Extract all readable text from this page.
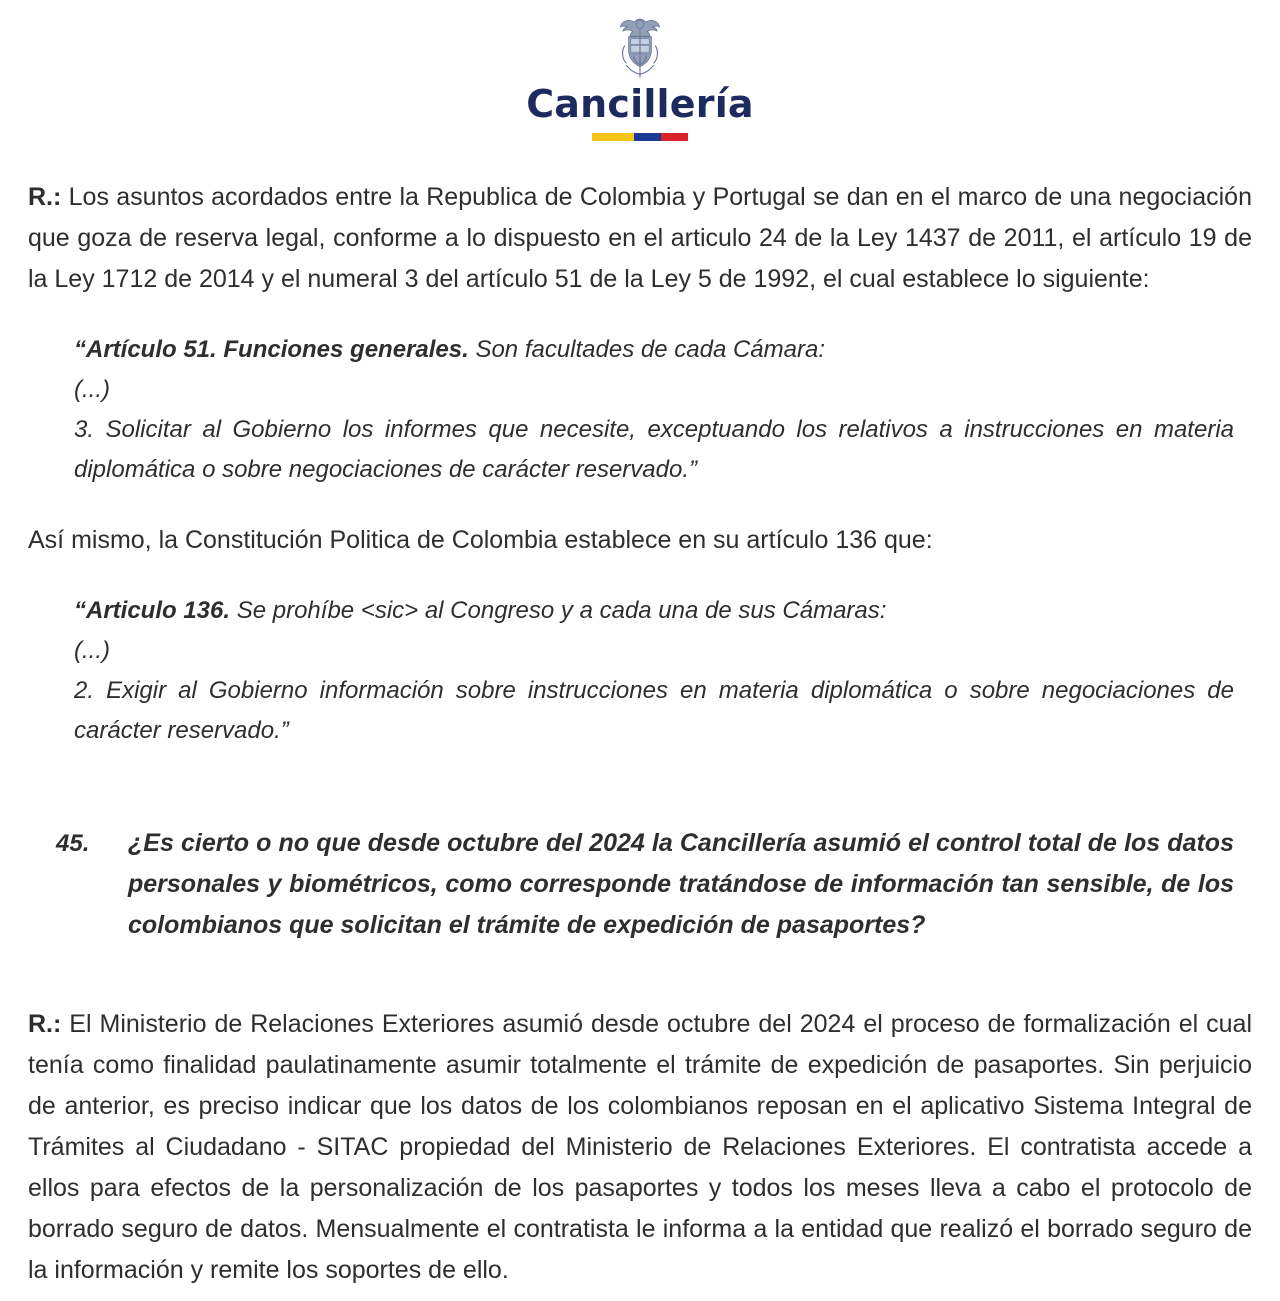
Cancillería

R.: Los asuntos acordados entre la Republica de Colombia y Portugal se dan en el marco de una negociación que goza de reserva legal, conforme a lo dispuesto en el articulo 24 de la Ley 1437 de 2011, el artículo 19 de la Ley 1712 de 2014 y el numeral 3 del artículo 51 de la Ley 5 de 1992, el cual establece lo siguiente:

“Artículo 51. Funciones generales. Son facultades de cada Cámara:
(...)
3. Solicitar al Gobierno los informes que necesite, exceptuando los relativos a instrucciones en materia diplomática o sobre negociaciones de carácter reservado.”

Así mismo, la Constitución Politica de Colombia establece en su artículo 136 que:

“Articulo 136. Se prohíbe <sic> al Congreso y a cada una de sus Cámaras:
(...)
2. Exigir al Gobierno información sobre instrucciones en materia diplomática o sobre negociaciones de carácter reservado.”
45.	¿Es cierto o no que desde octubre del 2024 la Cancillería asumió el control total de los datos personales y biométricos, como corresponde tratándose de información tan sensible, de los colombianos que solicitan el trámite de expedición de pasaportes?

R.: El Ministerio de Relaciones Exteriores asumió desde octubre del 2024 el proceso de formalización el cual tenía como finalidad paulatinamente asumir totalmente el trámite de expedición de pasaportes. Sin perjuicio de anterior, es preciso indicar que los datos de los colombianos reposan en el aplicativo Sistema Integral de Trámites al Ciudadano - SITAC propiedad del Ministerio de Relaciones Exteriores. El contratista accede a ellos para efectos de la personalización de los pasaportes y todos los meses lleva a cabo el protocolo de borrado seguro de datos. Mensualmente el contratista le informa a la entidad que realizó el borrado seguro de la información y remite los soportes de ello.
